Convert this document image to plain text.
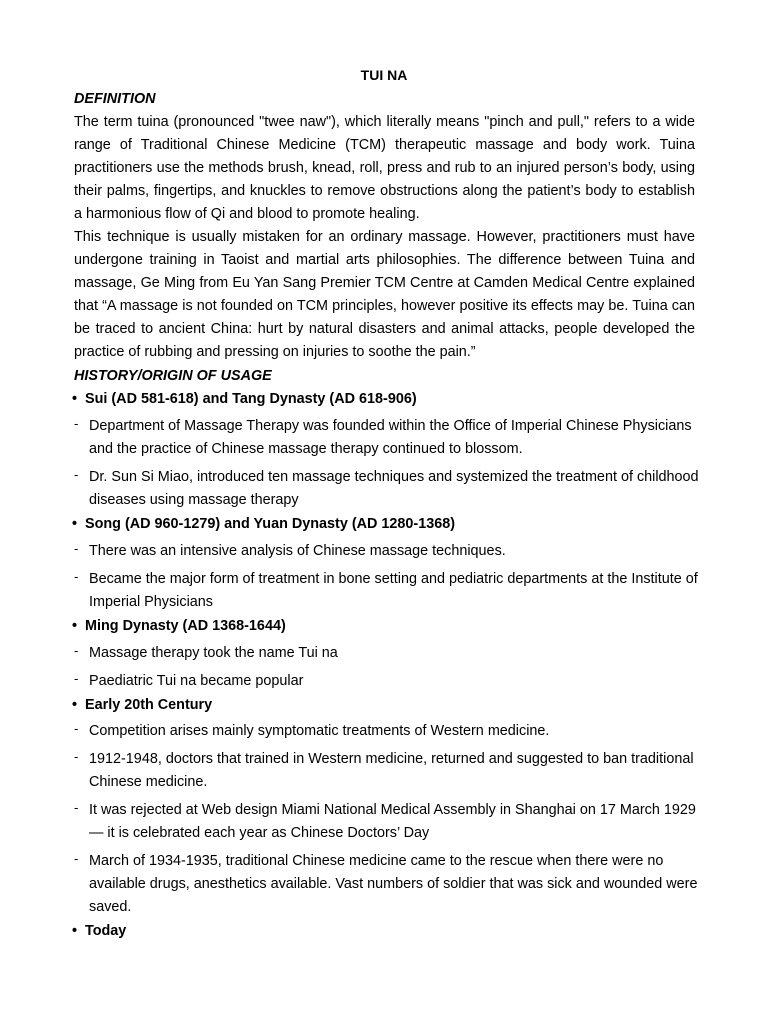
TUI NA
DEFINITION
The term tuina (pronounced "twee naw"), which literally means "pinch and pull," refers to a wide range of Traditional Chinese Medicine (TCM) therapeutic massage and body work. Tuina practitioners use the methods brush, knead, roll, press and rub to an injured person’s body, using their palms, fingertips, and knuckles to remove obstructions along the patient’s body to establish a harmonious flow of Qi and blood to promote healing.
This technique is usually mistaken for an ordinary massage. However, practitioners must have undergone training in Taoist and martial arts philosophies. The difference between Tuina and massage, Ge Ming from Eu Yan Sang Premier TCM Centre at Camden Medical Centre explained that “A massage is not founded on TCM principles, however positive its effects may be. Tuina can be traced to ancient China: hurt by natural disasters and animal attacks, people developed the practice of rubbing and pressing on injuries to soothe the pain.”
HISTORY/ORIGIN OF USAGE
• Sui (AD 581-618) and Tang Dynasty (AD 618-906)
- Department of Massage Therapy was founded within the Office of Imperial Chinese Physicians and the practice of Chinese massage therapy continued to blossom.
- Dr. Sun Si Miao, introduced ten massage techniques and systemized the treatment of childhood diseases using massage therapy
• Song (AD 960-1279) and Yuan Dynasty (AD 1280-1368)
- There was an intensive analysis of Chinese massage techniques.
- Became the major form of treatment in bone setting and pediatric departments at the Institute of Imperial Physicians
• Ming Dynasty (AD 1368-1644)
- Massage therapy took the name Tui na
- Paediatric Tui na became popular
• Early 20th Century
- Competition arises mainly symptomatic treatments of Western medicine.
- 1912-1948, doctors that trained in Western medicine, returned and suggested to ban traditional Chinese medicine.
- It was rejected at Web design Miami National Medical Assembly in Shanghai on 17 March 1929 — it is celebrated each year as Chinese Doctors’ Day
- March of 1934-1935, traditional Chinese medicine came to the rescue when there were no available drugs, anesthetics available. Vast numbers of soldier that was sick and wounded were saved.
• Today
